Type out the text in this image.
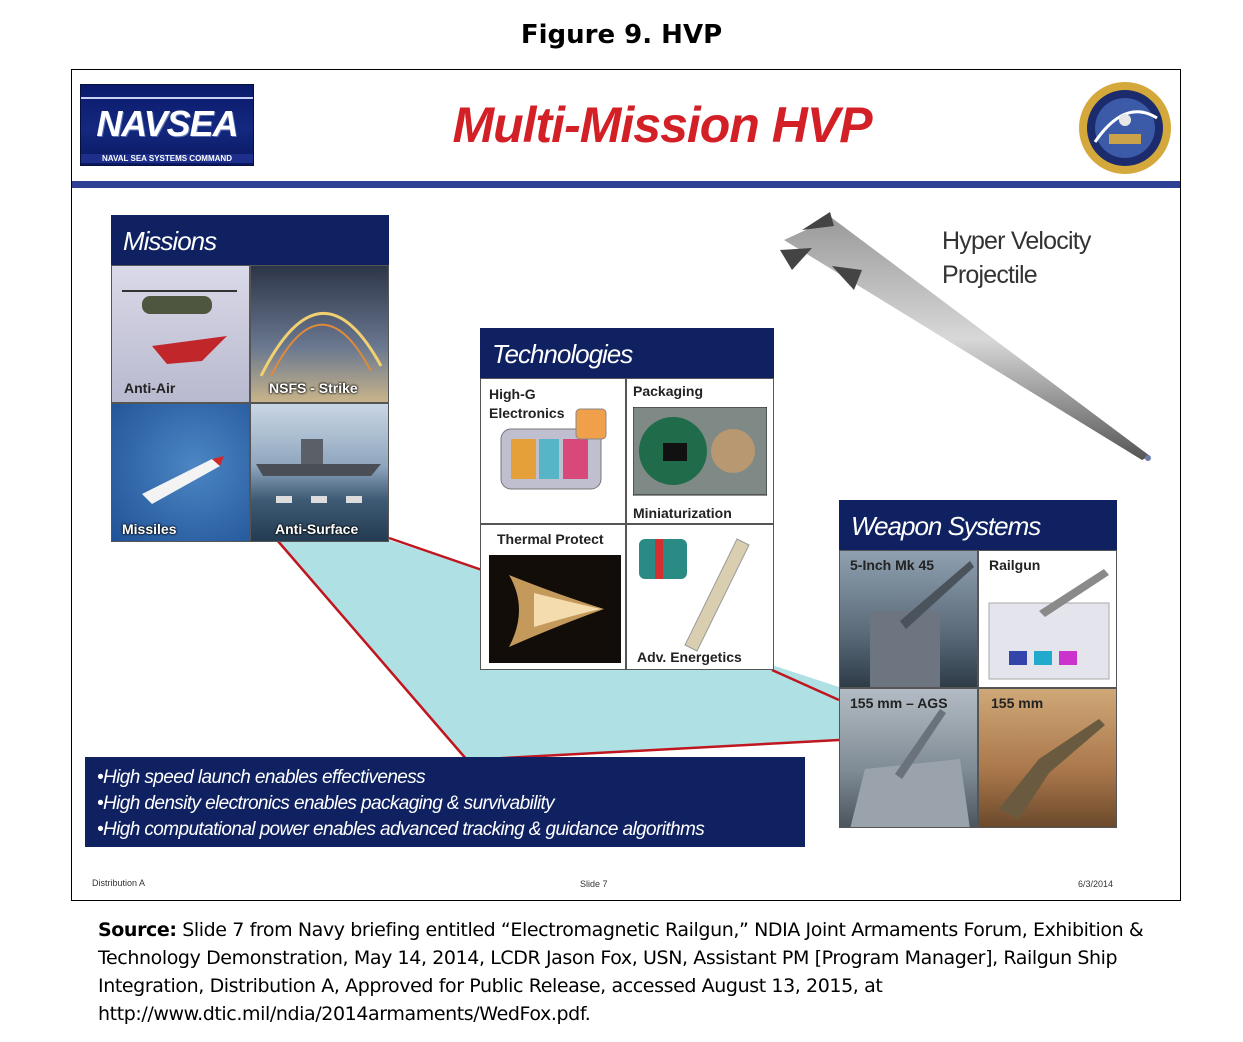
Figure 9. HVP
NAVSEA
NAVAL SEA SYSTEMS COMMAND
Multi-Mission HVP
Missions
Anti-Air	NSFS - Strike
Missiles	Anti-Surface
Hyper Velocity
Projectile
Technologies
High-G
Electronics
Packaging
Miniaturization
Thermal Protect
Adv. Energetics
Weapon Systems
5-Inch Mk 45	Railgun
155 mm – AGS	155 mm
•High speed launch enables effectiveness
•High density electronics enables packaging & survivability
•High computational power enables advanced tracking & guidance algorithms
Distribution A	Slide 7	6/3/2014
Source: Slide 7 from Navy briefing entitled “Electromagnetic Railgun,” NDIA Joint Armaments Forum, Exhibition & Technology Demonstration, May 14, 2014, LCDR Jason Fox, USN, Assistant PM [Program Manager], Railgun Ship Integration, Distribution A, Approved for Public Release, accessed August 13, 2015, at http://www.dtic.mil/ndia/2014armaments/WedFox.pdf.
